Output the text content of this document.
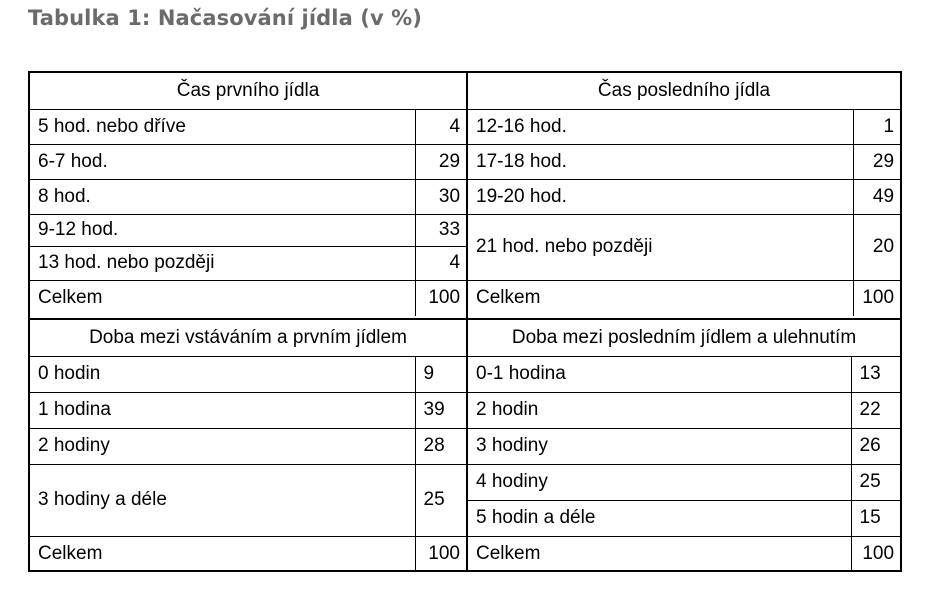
Tabulka 1: Načasování jídla (v %)
Čas prvního jídla	
5 hod. nebo dříve	4
6-7 hod.	29
8 hod.	30
9-12 hod.	33
13 hod. nebo později	4
Celkem	100
Čas posledního jídla	
12-16 hod.	1
17-18 hod.	29
19-20 hod.	49
21 hod. nebo později	20
Celkem	100
Doba mezi vstáváním a prvním jídlem	
0 hodin	9
1 hodina	39
2 hodiny	28
3 hodiny a déle	25
Celkem	100
Doba mezi posledním jídlem a ulehnutím	
0-1 hodina	13
2 hodin	22
3 hodiny	26
4 hodiny	25
5 hodin a déle	15
Celkem	100
